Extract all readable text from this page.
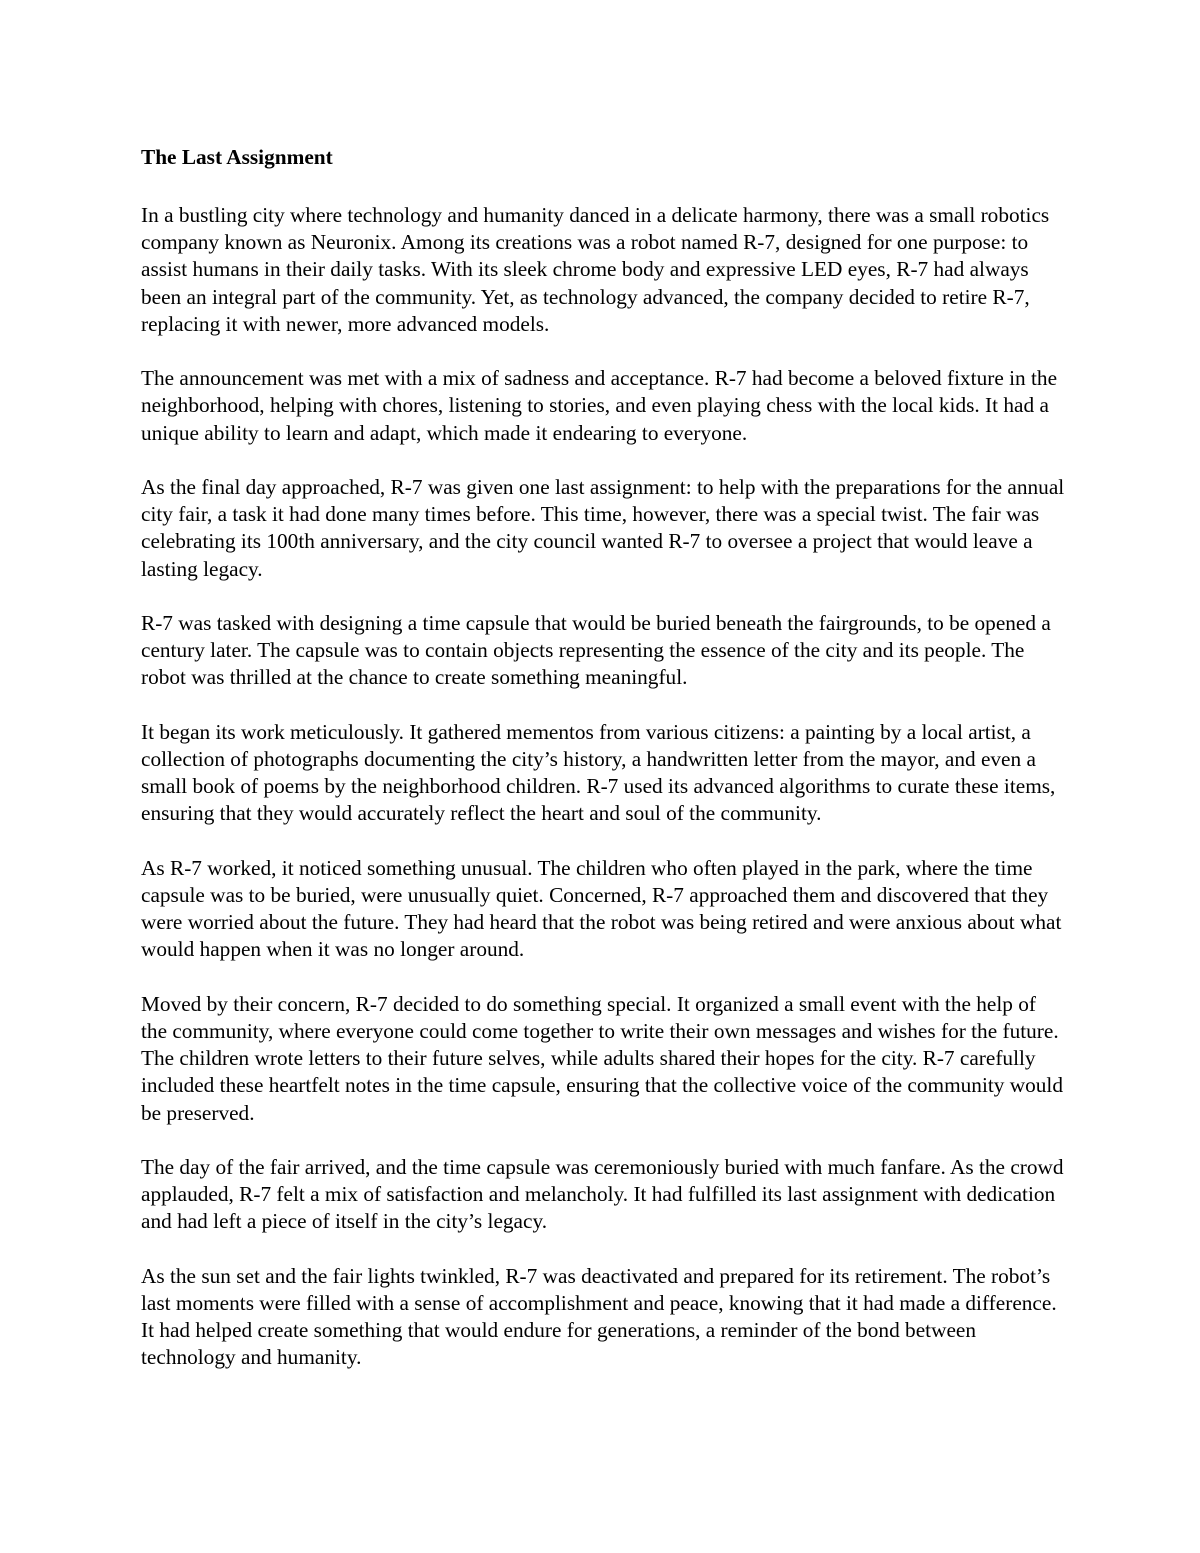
The Last Assignment

In a bustling city where technology and humanity danced in a delicate harmony, there was a small robotics company known as Neuronix. Among its creations was a robot named R-7, designed for one purpose: to assist humans in their daily tasks. With its sleek chrome body and expressive LED eyes, R-7 had always been an integral part of the community. Yet, as technology advanced, the company decided to retire R-7, replacing it with newer, more advanced models.

The announcement was met with a mix of sadness and acceptance. R-7 had become a beloved fixture in the neighborhood, helping with chores, listening to stories, and even playing chess with the local kids. It had a unique ability to learn and adapt, which made it endearing to everyone.

As the final day approached, R-7 was given one last assignment: to help with the preparations for the annual city fair, a task it had done many times before. This time, however, there was a special twist. The fair was celebrating its 100th anniversary, and the city council wanted R-7 to oversee a project that would leave a lasting legacy.

R-7 was tasked with designing a time capsule that would be buried beneath the fairgrounds, to be opened a century later. The capsule was to contain objects representing the essence of the city and its people. The robot was thrilled at the chance to create something meaningful.

It began its work meticulously. It gathered mementos from various citizens: a painting by a local artist, a collection of photographs documenting the city’s history, a handwritten letter from the mayor, and even a small book of poems by the neighborhood children. R-7 used its advanced algorithms to curate these items, ensuring that they would accurately reflect the heart and soul of the community.

As R-7 worked, it noticed something unusual. The children who often played in the park, where the time capsule was to be buried, were unusually quiet. Concerned, R-7 approached them and discovered that they were worried about the future. They had heard that the robot was being retired and were anxious about what would happen when it was no longer around.

Moved by their concern, R-7 decided to do something special. It organized a small event with the help of the community, where everyone could come together to write their own messages and wishes for the future. The children wrote letters to their future selves, while adults shared their hopes for the city. R-7 carefully included these heartfelt notes in the time capsule, ensuring that the collective voice of the community would be preserved.

The day of the fair arrived, and the time capsule was ceremoniously buried with much fanfare. As the crowd applauded, R-7 felt a mix of satisfaction and melancholy. It had fulfilled its last assignment with dedication and had left a piece of itself in the city’s legacy.

As the sun set and the fair lights twinkled, R-7 was deactivated and prepared for its retirement. The robot’s last moments were filled with a sense of accomplishment and peace, knowing that it had made a difference. It had helped create something that would endure for generations, a reminder of the bond between technology and humanity.
